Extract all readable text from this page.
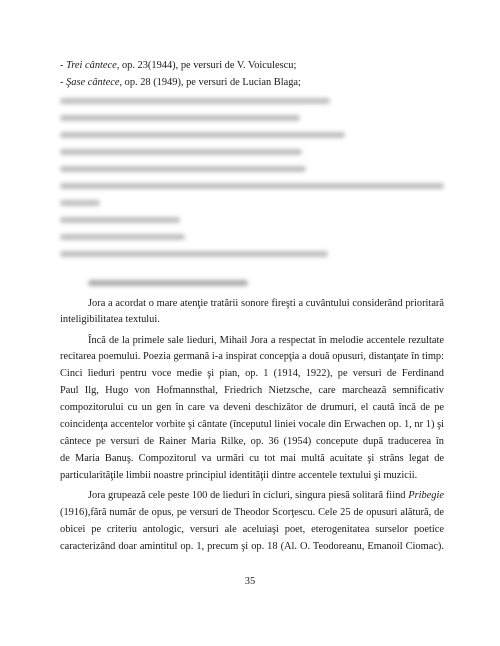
- Trei cântece, op. 23(1944), pe versuri de V. Voiculescu;
- Şase cântece, op. 28 (1949), pe versuri de Lucian Blaga;
Jora a acordat o mare atenţie tratării sonore fireşti a cuvântului considerând prioritară
inteligibilitatea textului.
Încă de la primele sale lieduri, Mihail Jora a respectat în melodie accentele rezultate
recitarea poemului. Poezia germană i-a inspirat concepţia a două opusuri, distanţate în timp:
Cinci lieduri pentru voce medie şi pian, op. 1 (1914, 1922), pe versuri de Ferdinand
Paul Ilg, Hugo von Hofmannsthal, Friedrich Nietzsche, care marchează semnificativ
compozitorului cu un gen în care va deveni deschizător de drumuri, el caută încă de pe
coincidenţa accentelor vorbite şi cântate (începutul liniei vocale din Erwachen op. 1, nr 1) şi
cântece pe versuri de Rainer Maria Rilke, op. 36 (1954) concepute după traducerea în
de Maria Banuş. Compozitorul va urmări cu tot mai multă acuitate şi strâns legat de
particularităţile limbii noastre principiul identităţii dintre accentele textului şi muzicii.
Jora grupează cele peste 100 de lieduri în cicluri, singura piesă solitară fiind Pribegie
(1916),fără număr de opus, pe versuri de Theodor Scorţescu. Cele 25 de opusuri alătură, de
obicei pe criteriu antologic, versuri ale aceluiaşi poet, eterogenitatea surselor poetice
caracterizând doar amintitul op. 1, precum şi op. 18 (Al. O. Teodoreanu, Emanoil Ciomac).
35
